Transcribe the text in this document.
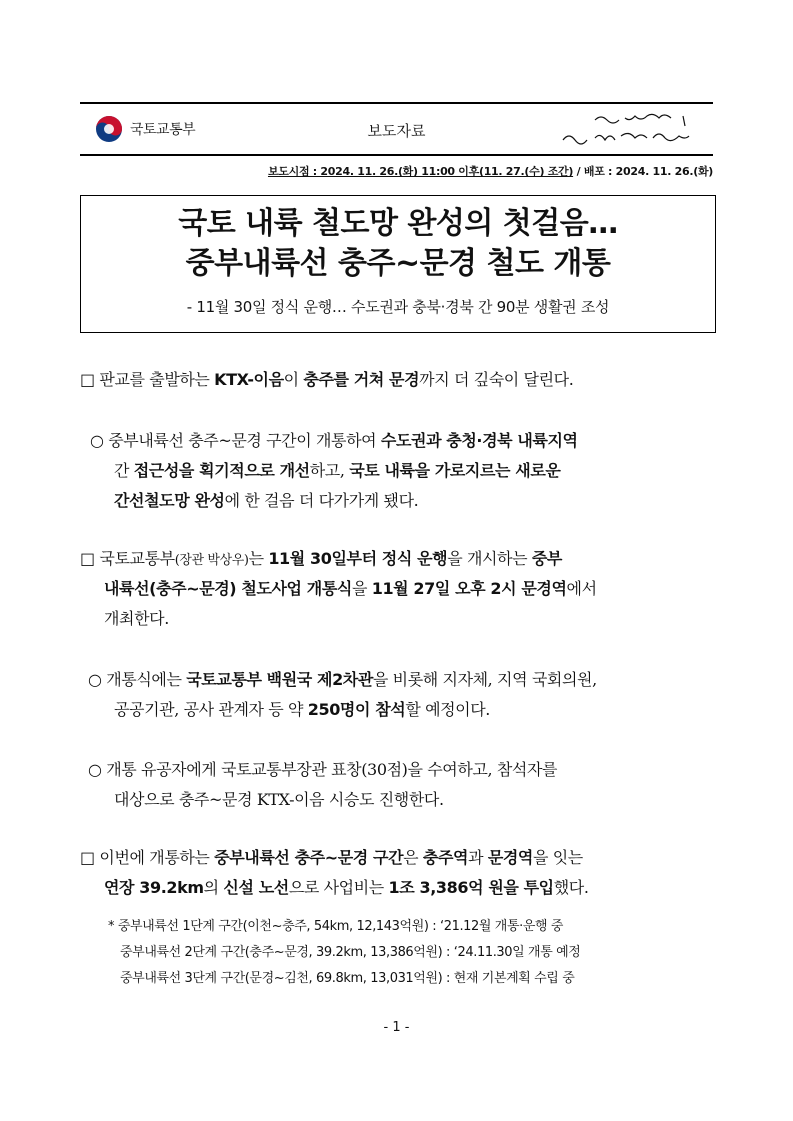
국토교통부	보도자료
보도시점 : 2024. 11. 26.(화) 11:00 이후(11. 27.(수) 조간) / 배포 : 2024. 11. 26.(화)
국토 내륙 철도망 완성의 첫걸음…
중부내륙선 충주~문경 철도 개통
- 11월 30일 정식 운행… 수도권과 충북·경북 간 90분 생활권 조성
□ 판교를 출발하는 KTX-이음이 충주를 거쳐 문경까지 더 깊숙이 달린다.
○ 중부내륙선 충주~문경 구간이 개통하여 수도권과 충청·경북 내륙지역
간 접근성을 획기적으로 개선하고, 국토 내륙을 가로지르는 새로운
간선철도망 완성에 한 걸음 더 다가가게 됐다.
□ 국토교통부(장관 박상우)는 11월 30일부터 정식 운행을 개시하는 중부
내륙선(충주~문경) 철도사업 개통식을 11월 27일 오후 2시 문경역에서
개최한다.
○ 개통식에는 국토교통부 백원국 제2차관을 비롯해 지자체, 지역 국회의원,
공공기관, 공사 관계자 등 약 250명이 참석할 예정이다.
○ 개통 유공자에게 국토교통부장관 표창(30점)을 수여하고, 참석자를
대상으로 충주~문경 KTX-이음 시승도 진행한다.
□ 이번에 개통하는 중부내륙선 충주~문경 구간은 충주역과 문경역을 잇는
연장 39.2km의 신설 노선으로 사업비는 1조 3,386억 원을 투입했다.
* 중부내륙선 1단계 구간(이천~충주, 54km, 12,143억원) : ‘21.12월 개통·운행 중
중부내륙선 2단계 구간(충주~문경, 39.2km, 13,386억원) : ‘24.11.30일 개통 예정
중부내륙선 3단계 구간(문경~김천, 69.8km, 13,031억원) : 현재 기본계획 수립 중
- 1 -
